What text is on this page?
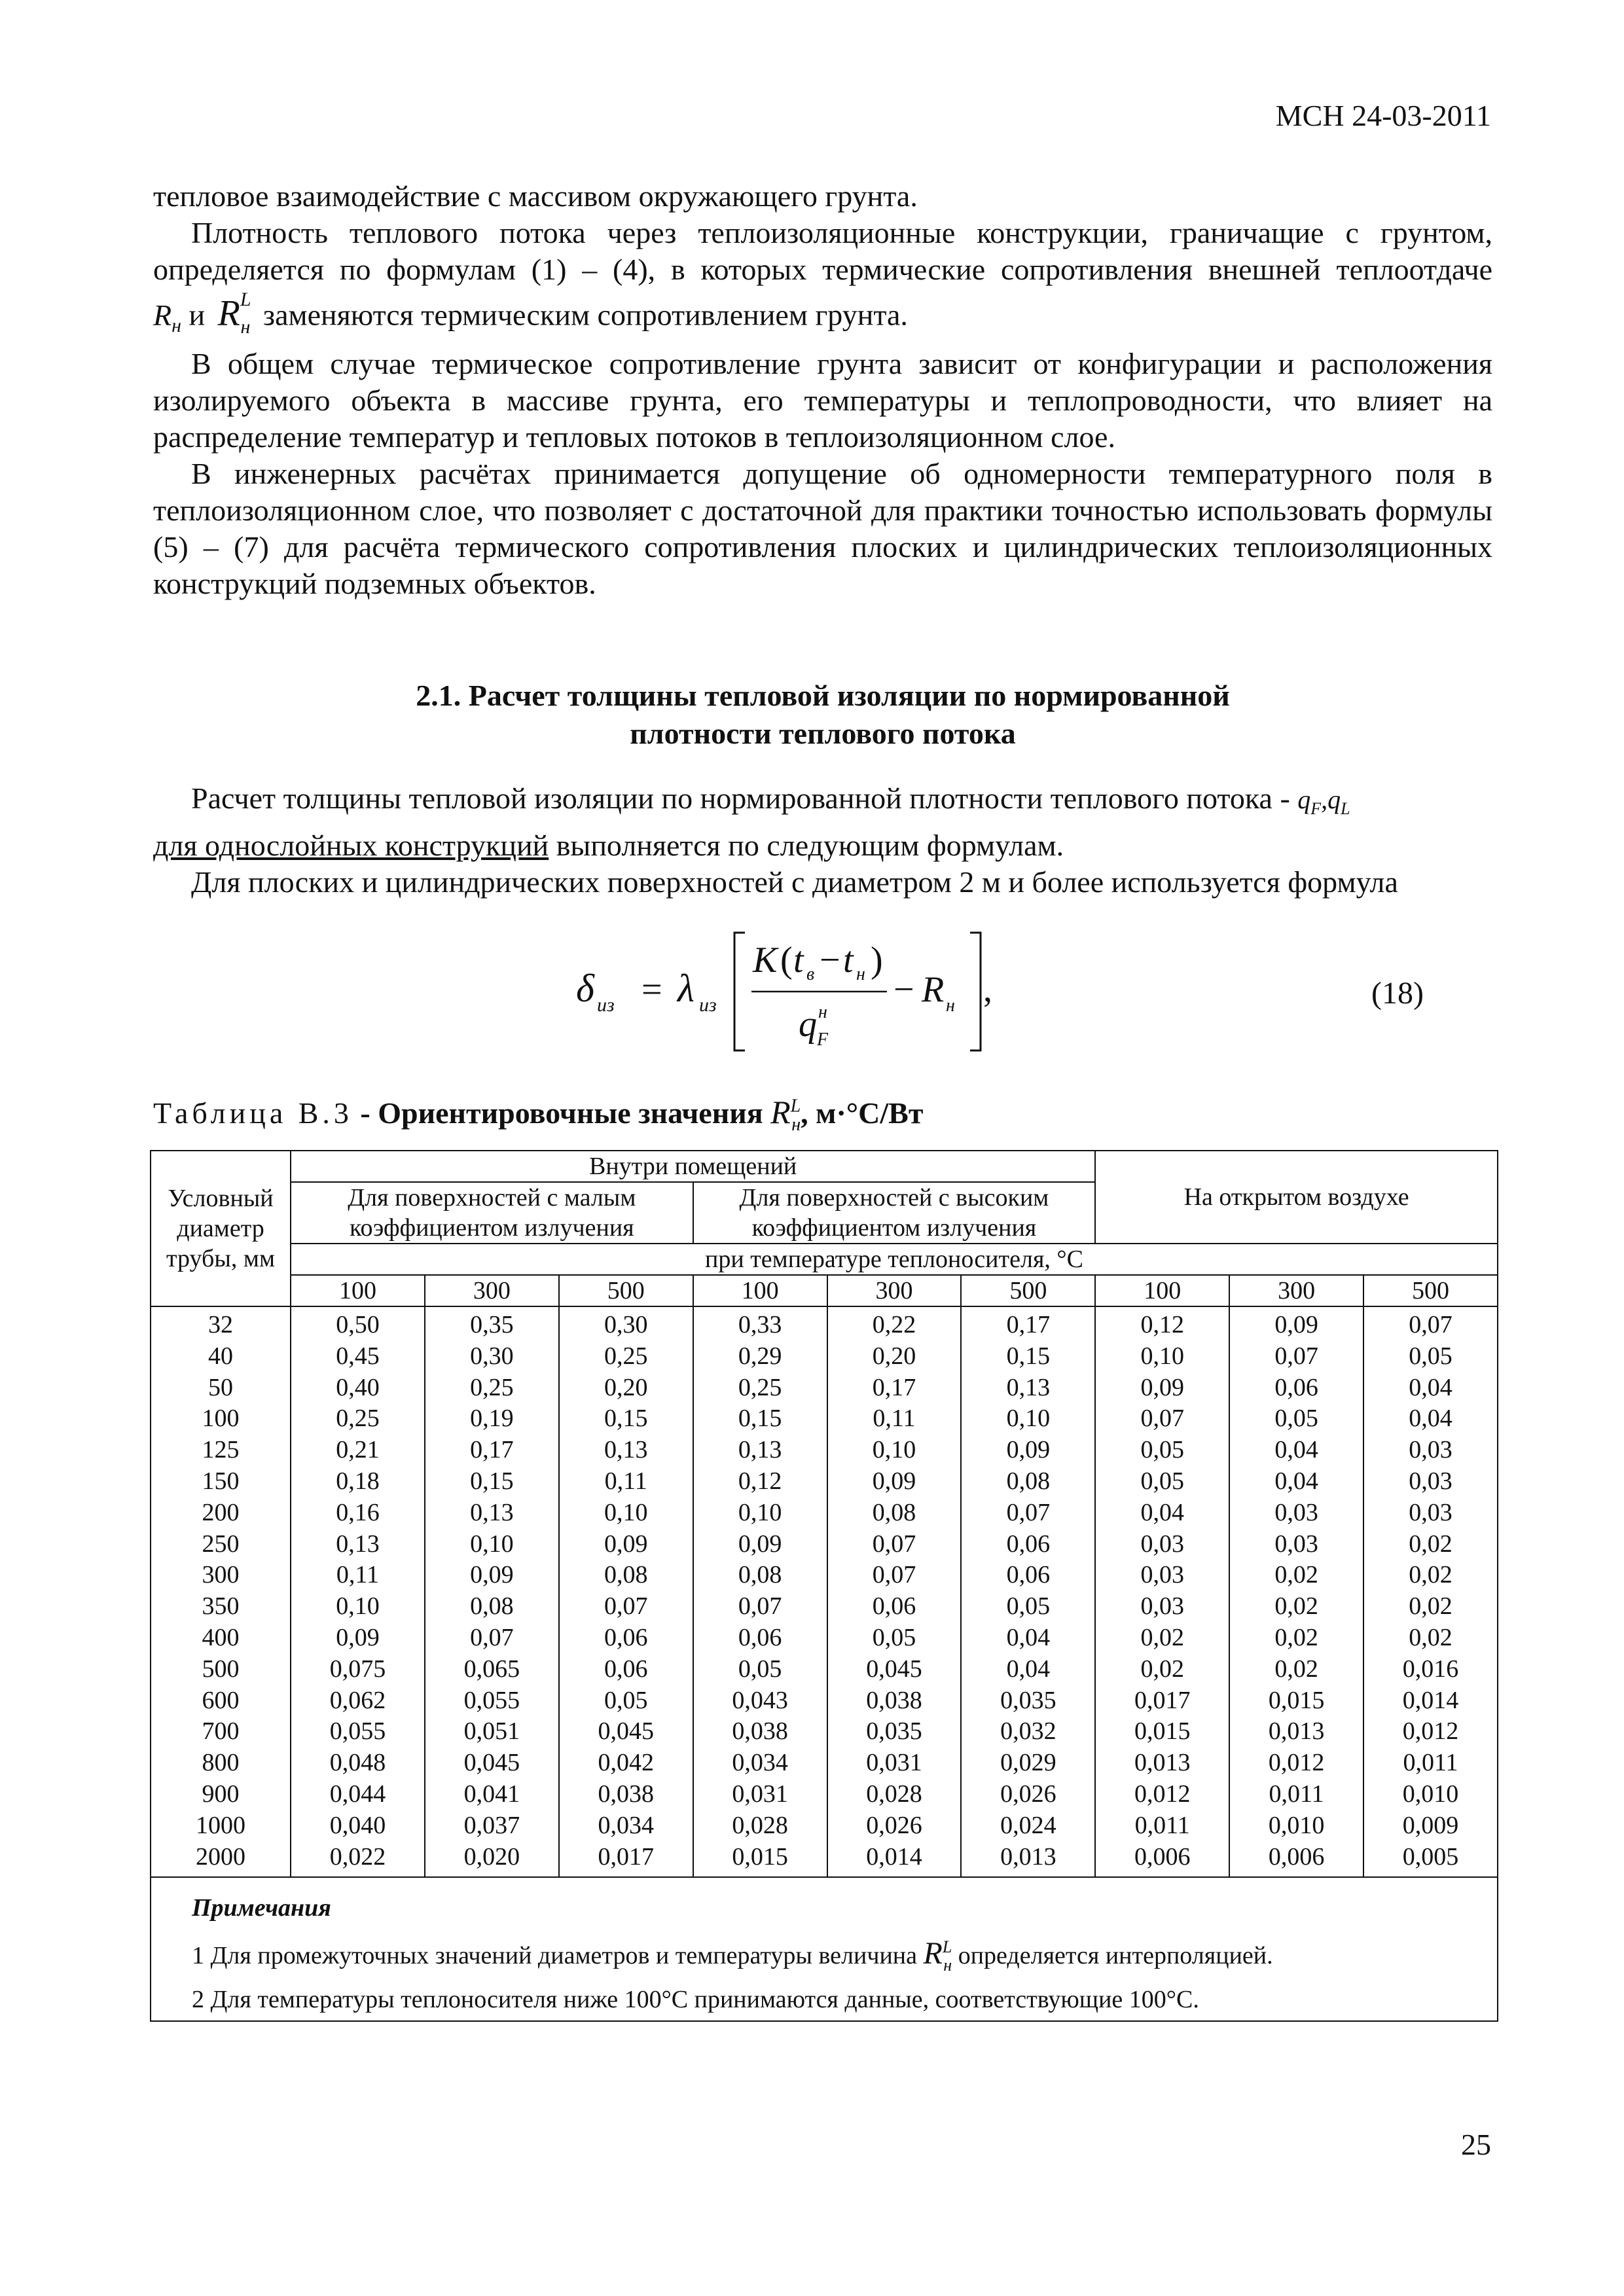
МСН 24-03-2011

тепловое взаимодействие с массивом окружающего грунта.

Плотность теплового потока через теплоизоляционные конструкции, граничащие с грунтом, определяется по формулам (1) – (4), в которых термические сопротивления внешней теплоотдаче

$R_н$ и $R^L_н$ заменяются термическим сопротивлением грунта.

В общем случае термическое сопротивление грунта зависит от конфигурации и расположения изолируемого объекта в массиве грунта, его температуры и теплопроводности, что влияет на распределение температур и тепловых потоков в теплоизоляционном слое.

В инженерных расчётах принимается допущение об одномерности температурного поля в теплоизоляционном слое, что позволяет с достаточной для практики точностью использовать формулы (5) – (7) для расчёта термического сопротивления плоских и цилиндрических теплоизоляционных конструкций подземных объектов.

2.1. Расчет толщины тепловой изоляции по нормированной
плотности теплового потока

Расчет толщины тепловой изоляции по нормированной плотности теплового потока - $q_F,q_L$
для однослойных конструкций выполняется по следующим формулам.

Для плоских и цилиндрических поверхностей с диаметром 2 м и более используется формула

δ из = λ из
K ( t в − t н )
q н
F
− R н ,	(18)
Таблица В.3 - Ориентировочные значения $R^L_н$, м·°С/Вт
Условный диаметр трубы, мм	Внутри помещений						На открытом воздухе		
	Для поверхностей с малым коэффициентом излучения			Для поверхностей с высоким коэффициентом излучения					
	при температуре теплоносителя, °С								
	100	300	500	100	300	500	100	300	500
32	0,50	0,35	0,30	0,33	0,22	0,17	0,12	0,09	0,07
40	0,45	0,30	0,25	0,29	0,20	0,15	0,10	0,07	0,05
50	0,40	0,25	0,20	0,25	0,17	0,13	0,09	0,06	0,04
100	0,25	0,19	0,15	0,15	0,11	0,10	0,07	0,05	0,04
125	0,21	0,17	0,13	0,13	0,10	0,09	0,05	0,04	0,03
150	0,18	0,15	0,11	0,12	0,09	0,08	0,05	0,04	0,03
200	0,16	0,13	0,10	0,10	0,08	0,07	0,04	0,03	0,03
250	0,13	0,10	0,09	0,09	0,07	0,06	0,03	0,03	0,02
300	0,11	0,09	0,08	0,08	0,07	0,06	0,03	0,02	0,02
350	0,10	0,08	0,07	0,07	0,06	0,05	0,03	0,02	0,02
400	0,09	0,07	0,06	0,06	0,05	0,04	0,02	0,02	0,02
500	0,075	0,065	0,06	0,05	0,045	0,04	0,02	0,02	0,016
600	0,062	0,055	0,05	0,043	0,038	0,035	0,017	0,015	0,014
700	0,055	0,051	0,045	0,038	0,035	0,032	0,015	0,013	0,012
800	0,048	0,045	0,042	0,034	0,031	0,029	0,013	0,012	0,011
900	0,044	0,041	0,038	0,031	0,028	0,026	0,012	0,011	0,010
1000	0,040	0,037	0,034	0,028	0,026	0,024	0,011	0,010	0,009
2000	0,022	0,020	0,017	0,015	0,014	0,013	0,006	0,006	0,005

Примечания
1 Для промежуточных значений диаметров и температуры величина $R^L_н$ определяется интерполяцией.
2 Для температуры теплоносителя ниже 100°С принимаются данные, соответствующие 100°С.									
25
